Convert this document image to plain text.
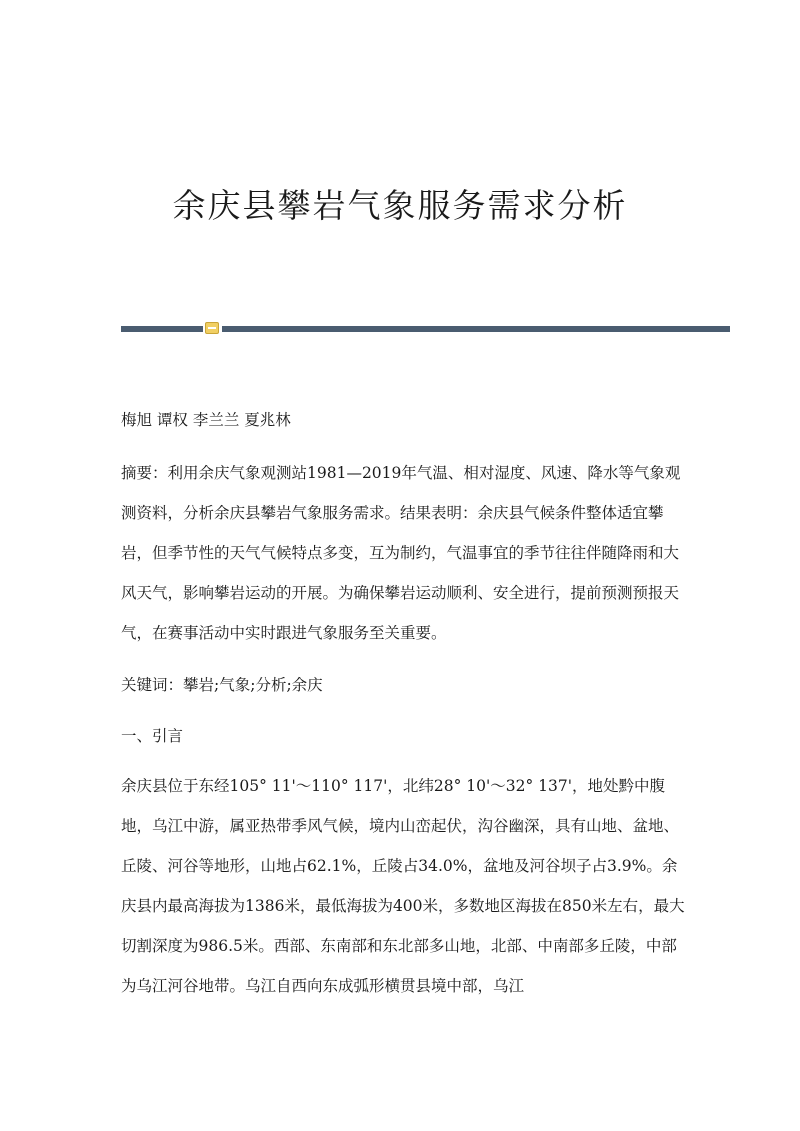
余庆县攀岩气象服务需求分析

梅旭 谭权 李兰兰 夏兆林

摘要：利用余庆气象观测站1981—2019年气温、相对湿度、风速、降水等气象观测资料，分析余庆县攀岩气象服务需求。结果表明：余庆县气候条件整体适宜攀岩，但季节性的天气气候特点多变，互为制约，气温事宜的季节往往伴随降雨和大风天气，影响攀岩运动的开展。为确保攀岩运动顺利、安全进行，提前预测预报天气，在赛事活动中实时跟进气象服务至关重要。

关键词：攀岩;气象;分析;余庆

一、引言

余庆县位于东经105° 11'～110° 117'，北纬28° 10'～32° 137'，地处黔中腹地，乌江中游，属亚热带季风气候，境内山峦起伏，沟谷幽深，具有山地、盆地、丘陵、河谷等地形，山地占62.1%，丘陵占34.0%，盆地及河谷坝子占3.9%。余庆县内最高海拔为1386米，最低海拔为400米，多数地区海拔在850米左右，最大切割深度为986.5米。西部、东南部和东北部多山地，北部、中南部多丘陵，中部为乌江河谷地带。乌江自西向东成弧形横贯县境中部，乌江
